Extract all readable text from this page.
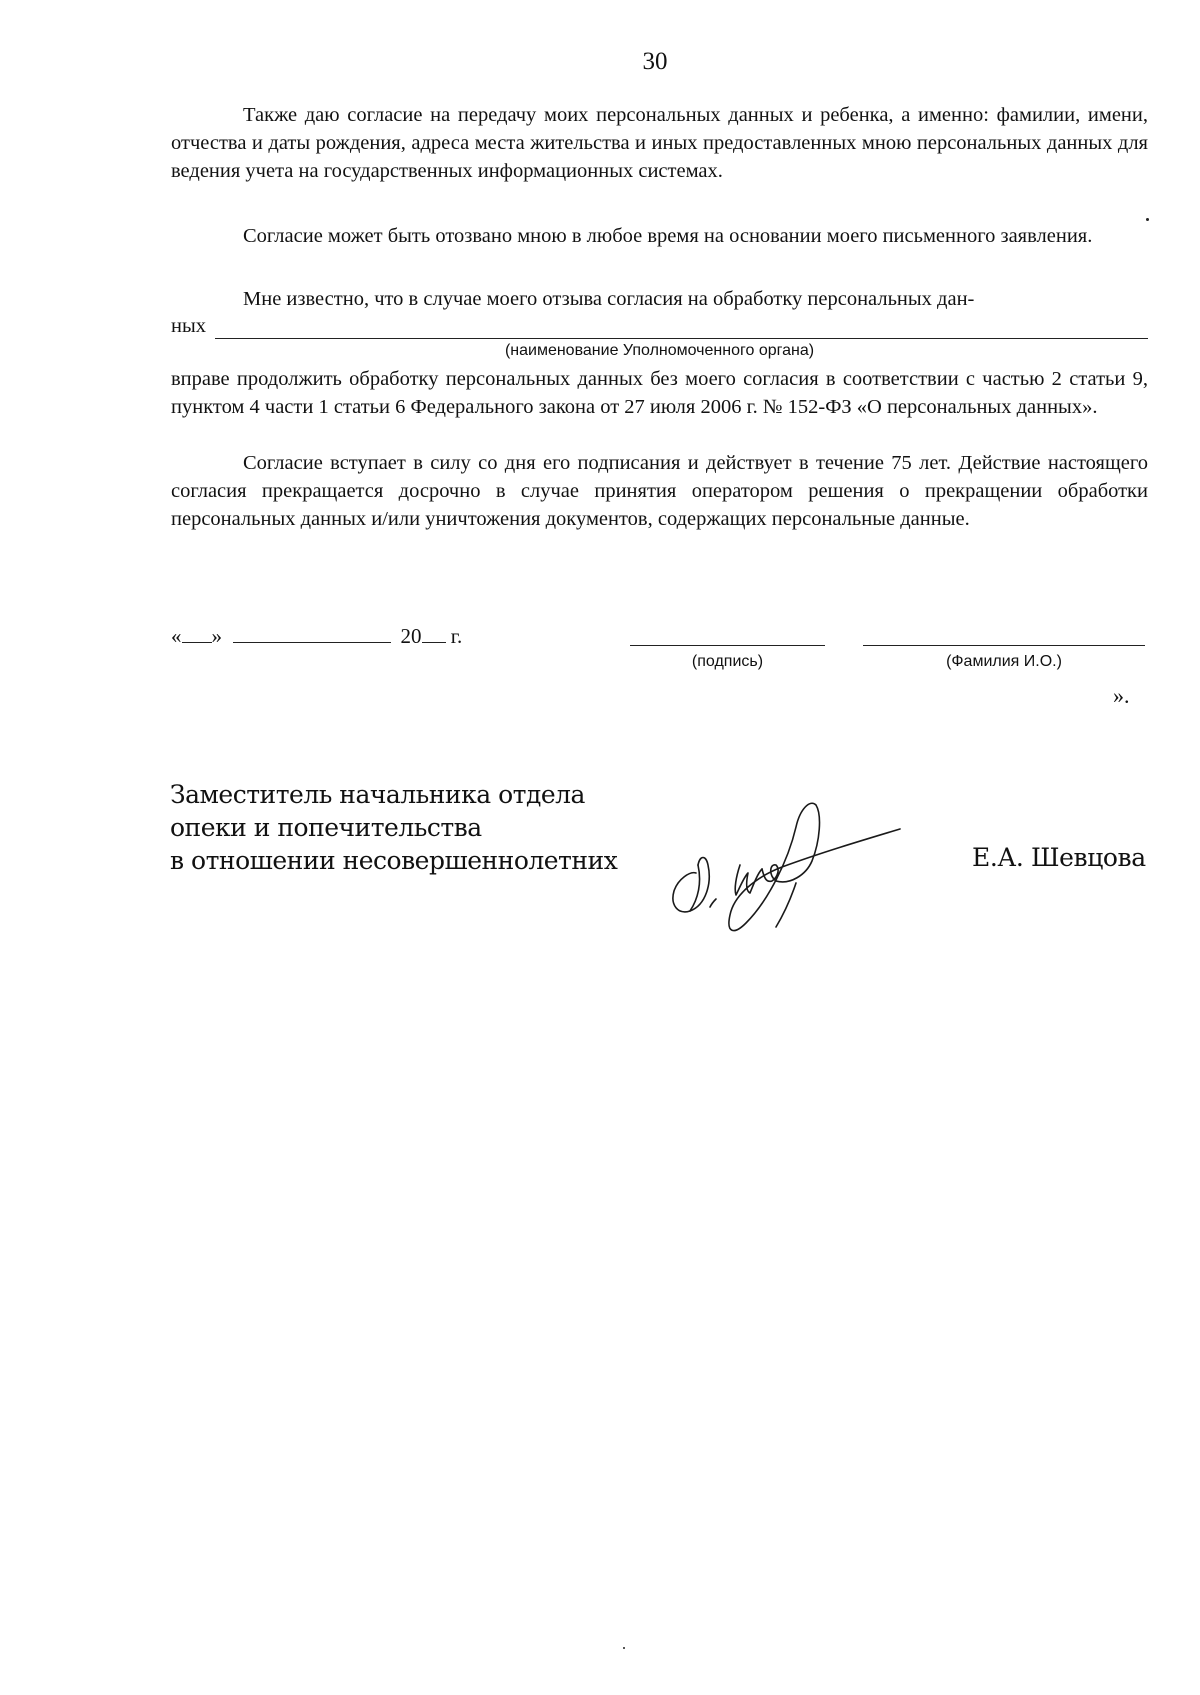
30
Также даю согласие на передачу моих персональных данных и ребенка, а именно: фамилии, имени, отчества и даты рождения, адреса места жительства и иных предоставленных мною персональных данных для ведения учета на государственных информационных системах.
Согласие может быть отозвано мною в любое время на основании моего письменного заявления.
Мне известно, что в случае моего отзыва согласия на обработку персональных дан-
ных
(наименование Уполномоченного органа)
вправе продолжить обработку персональных данных без моего согласия в соответствии с частью 2 статьи 9, пунктом 4 части 1 статьи 6 Федерального закона от 27 июля 2006 г. № 152-ФЗ «О персональных данных».
Согласие вступает в силу со дня его подписания и действует в течение 75 лет. Действие настоящего согласия прекращается досрочно в случае принятия оператором решения о прекращении обработки персональных данных и/или уничтожения документов, содержащих персональные данные.
« »	20 г.
(подпись)	(Фамилия И.О.)
».
Заместитель начальника отдела
опеки и попечительства
в отношении несовершеннолетних	Е.А. Шевцова
